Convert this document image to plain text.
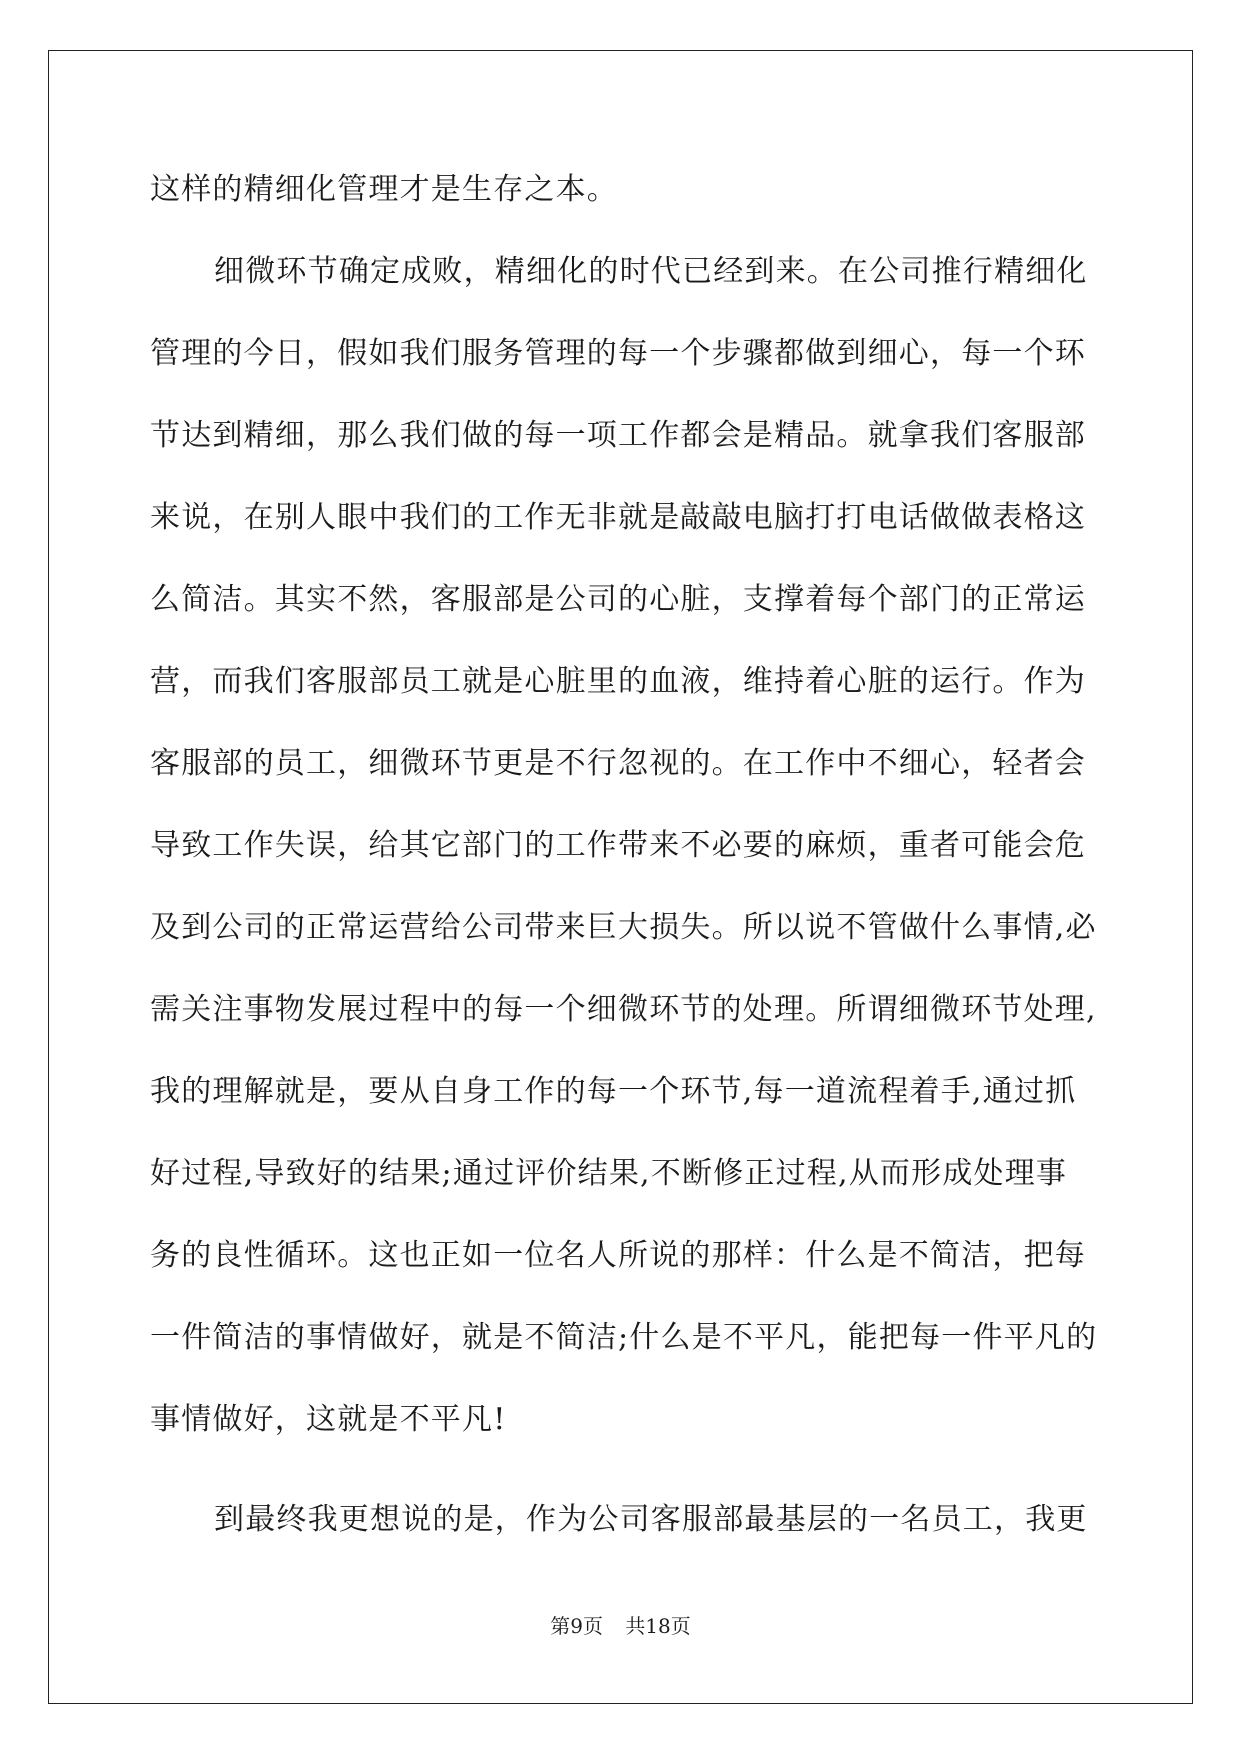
这样的精细化管理才是生存之本。
细微环节确定成败，精细化的时代已经到来。在公司推行精细化
管理的今日，假如我们服务管理的每一个步骤都做到细心，每一个环
节达到精细，那么我们做的每一项工作都会是精品。就拿我们客服部
来说，在别人眼中我们的工作无非就是敲敲电脑打打电话做做表格这
么简洁。其实不然，客服部是公司的心脏，支撑着每个部门的正常运
营，而我们客服部员工就是心脏里的血液，维持着心脏的运行。作为
客服部的员工，细微环节更是不行忽视的。在工作中不细心，轻者会
导致工作失误，给其它部门的工作带来不必要的麻烦，重者可能会危
及到公司的正常运营给公司带来巨大损失。所以说不管做什么事情,必
需关注事物发展过程中的每一个细微环节的处理。所谓细微环节处理,
我的理解就是，要从自身工作的每一个环节,每一道流程着手,通过抓
好过程,导致好的结果;通过评价结果,不断修正过程,从而形成处理事
务的良性循环。这也正如一位名人所说的那样：什么是不简洁，把每
一件简洁的事情做好，就是不简洁;什么是不平凡，能把每一件平凡的
事情做好，这就是不平凡!
到最终我更想说的是，作为公司客服部最基层的一名员工，我更
第9页 共18页
